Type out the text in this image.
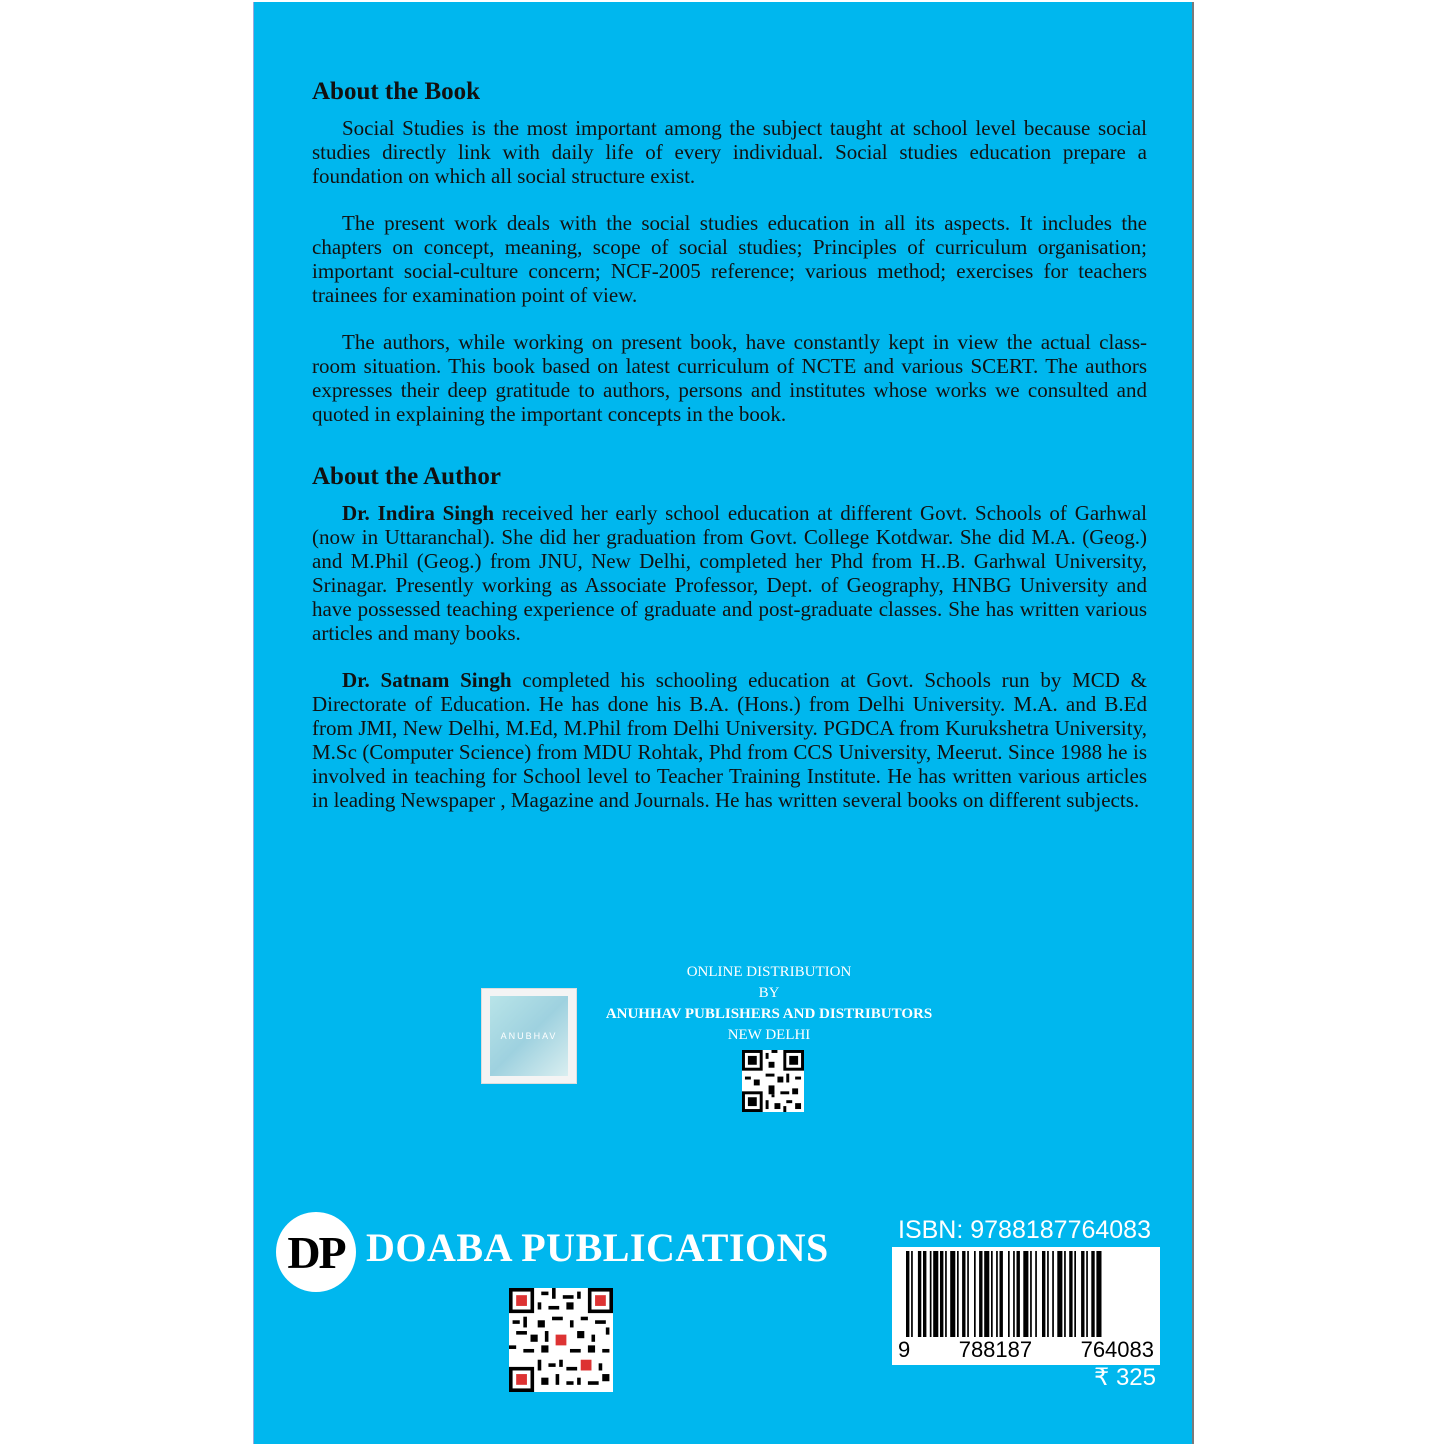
About the Book

Social Studies is the most important among the subject taught at school level because social studies directly link with daily life of every individual. Social studies education prepare a foundation on which all social structure exist.

The present work deals with the social studies education in all its aspects. It includes the chapters on concept, meaning, scope of social studies; Principles of curriculum organisation; important social-culture concern; NCF-2005 reference; various method; exercises for teachers trainees for examination point of view.

The authors, while working on present book, have constantly kept in view the actual class-room situation. This book based on latest curriculum of NCTE and various SCERT. The authors expresses their deep gratitude to authors, persons and institutes whose works we consulted and quoted in explaining the important concepts in the book.

About the Author

Dr. Indira Singh received her early school education at different Govt. Schools of Garhwal (now in Uttaranchal). She did her graduation from Govt. College Kotdwar. She did M.A. (Geog.) and M.Phil (Geog.) from JNU, New Delhi, completed her Phd from H..B. Garhwal University, Srinagar. Presently working as Associate Professor, Dept. of Geography, HNBG University and have possessed teaching experience of graduate and post-graduate classes. She has written various articles and many books.

Dr. Satnam Singh completed his schooling education at Govt. Schools run by MCD & Directorate of Education. He has done his B.A. (Hons.) from Delhi University. M.A. and B.Ed from JMI, New Delhi, M.Ed, M.Phil from Delhi University. PGDCA from Kurukshetra University, M.Sc (Computer Science) from MDU Rohtak, Phd from CCS University, Meerut. Since 1988 he is involved in teaching for School level to Teacher Training Institute. He has written various articles in leading Newspaper , Magazine and Journals. He has written several books on different subjects.

ONLINE DISTRIBUTION
BY
ANUHHAV PUBLISHERS AND DISTRIBUTORS
NEW DELHI
ANUBHAV
DP DOABA PUBLICATIONS	ISBN: 9788187764083
9 788187 764083
₹ 325
